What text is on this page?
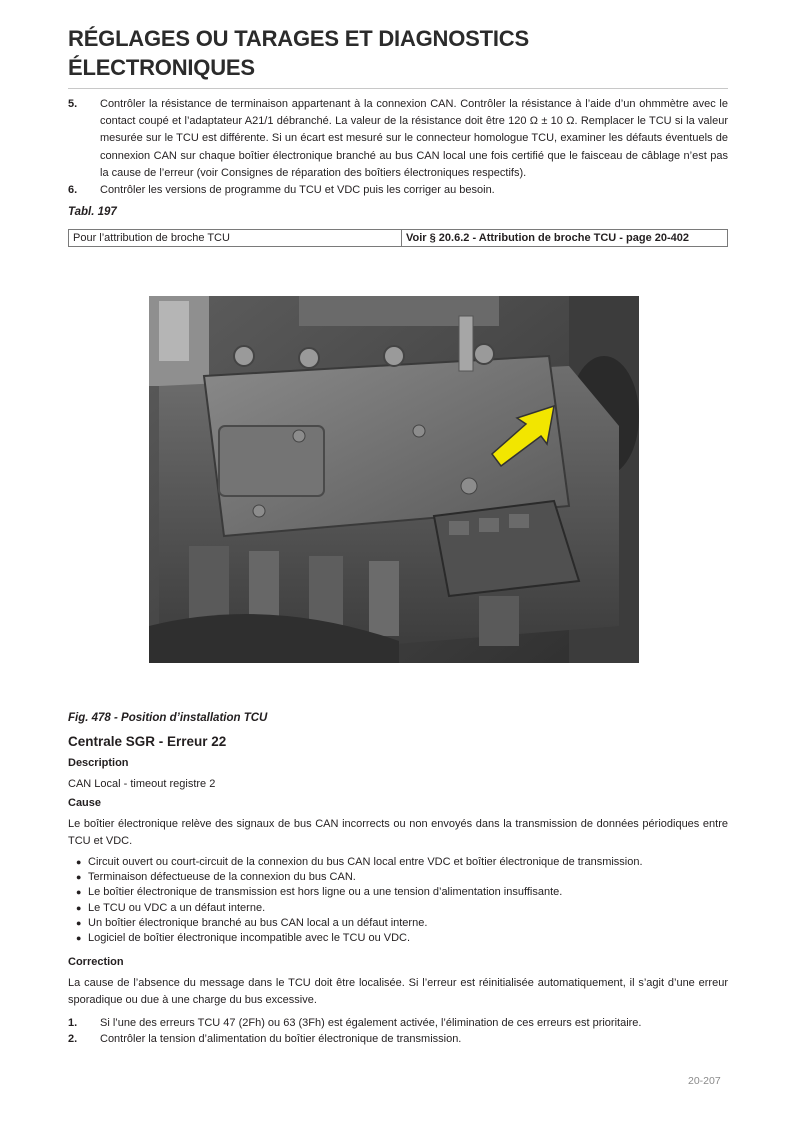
RÉGLAGES OU TARAGES ET DIAGNOSTICS
ÉLECTRONIQUES
5.	Contrôler la résistance de terminaison appartenant à la connexion CAN. Contrôler la résistance à l’aide d’un ohmmètre avec le contact coupé et l’adaptateur A21/1 débranché. La valeur de la résistance doit être 120 Ω ± 10 Ω. Remplacer le TCU si la valeur mesurée sur le TCU est différente. Si un écart est mesuré sur le connecteur homologue TCU, examiner les défauts éventuels de connexion CAN sur chaque boîtier électronique branché au bus CAN local une fois certifié que le faisceau de câblage n’est pas la cause de l’erreur (voir Consignes de réparation des boîtiers électroniques respectifs).
6.	Contrôler les versions de programme du TCU et VDC puis les corriger au besoin.
Tabl. 197
Pour l’attribution de broche TCU	Voir § 20.6.2 - Attribution de broche TCU - page 20-402
Fig. 478 - Position d’installation TCU
Centrale SGR - Erreur 22
Description
CAN Local - timeout registre 2
Cause
Le boîtier électronique relève des signaux de bus CAN incorrects ou non envoyés dans la transmission de données périodiques entre TCU et VDC.
● Circuit ouvert ou court-circuit de la connexion du bus CAN local entre VDC et boîtier électronique de transmission.
● Terminaison défectueuse de la connexion du bus CAN.
● Le boîtier électronique de transmission est hors ligne ou a une tension d’alimentation insuffisante.
● Le TCU ou VDC a un défaut interne.
● Un boîtier électronique branché au bus CAN local a un défaut interne.
● Logiciel de boîtier électronique incompatible avec le TCU ou VDC.
Correction
La cause de l’absence du message dans le TCU doit être localisée. Si l’erreur est réinitialisée automatiquement, il s’agit d’une erreur sporadique ou due à une charge du bus excessive.
1.	Si l’une des erreurs TCU 47 (2Fh) ou 63 (3Fh) est également activée, l’élimination de ces erreurs est prioritaire.
2.	Contrôler la tension d’alimentation du boîtier électronique de transmission.
20-207
